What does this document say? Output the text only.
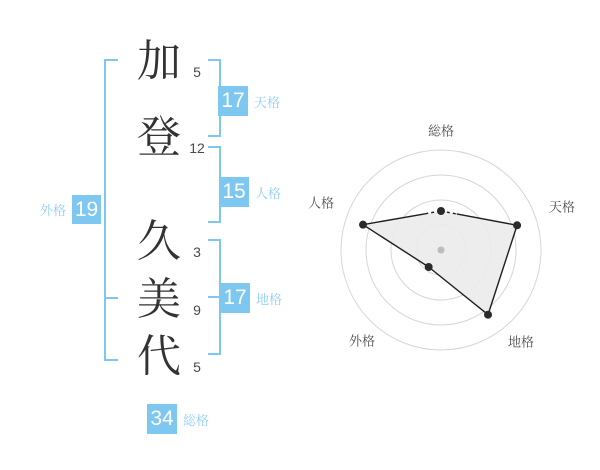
加 5
登 12
久 3
美 9
代 5
17 天格
15 人格
17 地格
外格 19
34 総格
総格
天格
地格
外格
人格
